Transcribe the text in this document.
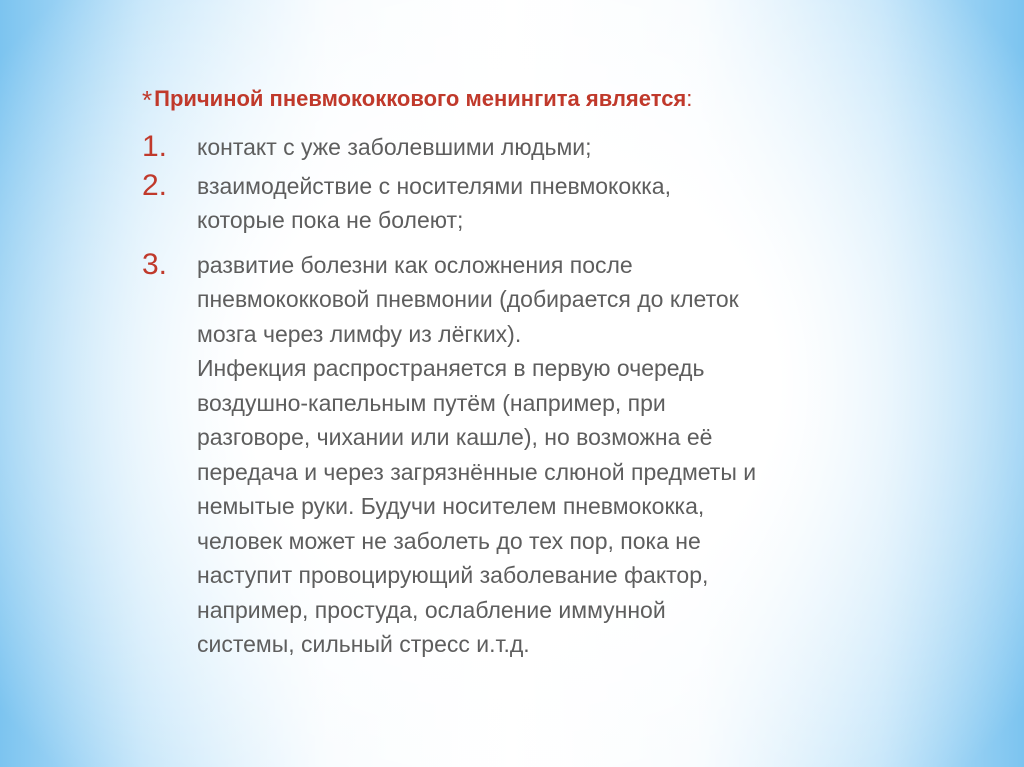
*Причиной пневмококкового менингита является:
1. контакт с уже заболевшими людьми;
2. взаимодействие с носителями пневмококка,
которые пока не болеют;
3. развитие болезни как осложнения после
пневмококковой пневмонии (добирается до клеток
мозга через лимфу из лёгких).
Инфекция распространяется в первую очередь
воздушно-капельным путём (например, при
разговоре, чихании или кашле), но возможна её
передача и через загрязнённые слюной предметы и
немытые руки. Будучи носителем пневмококка,
человек может не заболеть до тех пор, пока не
наступит провоцирующий заболевание фактор,
например, простуда, ослабление иммунной
системы, сильный стресс и.т.д.
